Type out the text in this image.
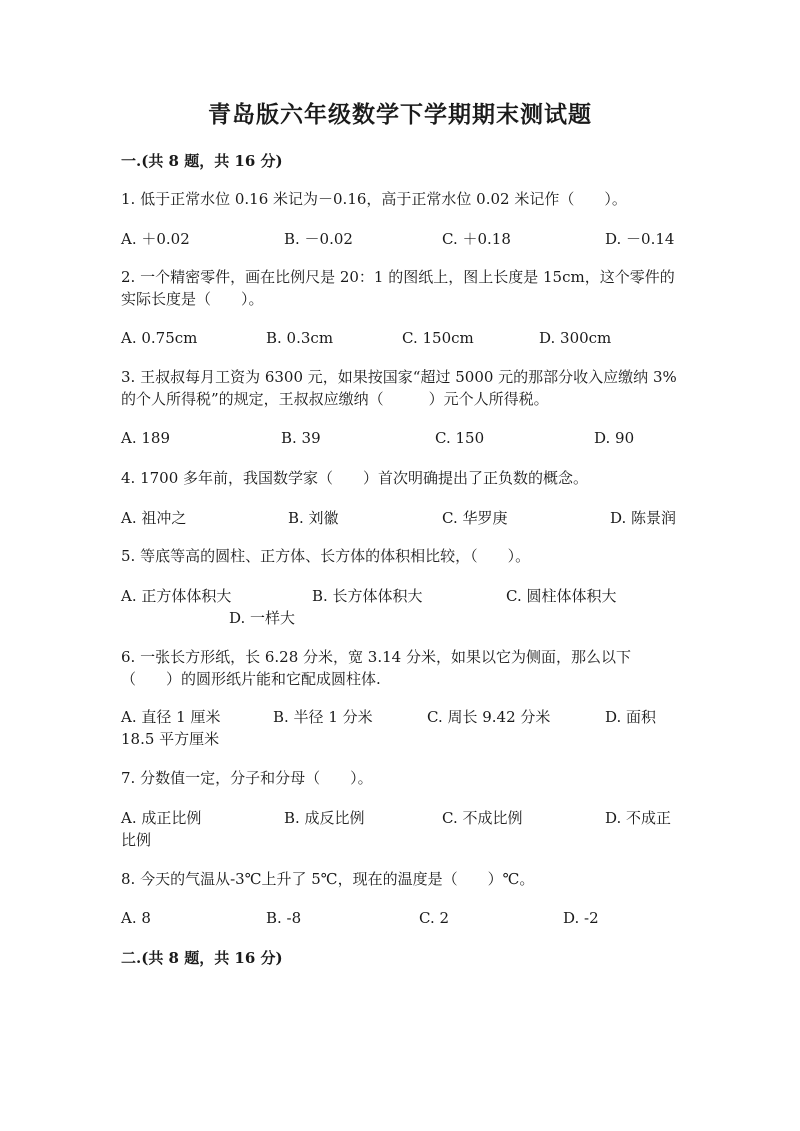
青岛版六年级数学下学期期末测试题
一.(共 8 题，共 16 分)
1. 低于正常水位 0.16 米记为－0.16，高于正常水位 0.02 米记作（　　）。
A. ＋0.02	B. －0.02	C. ＋0.18	D. －0.14
2. 一个精密零件，画在比例尺是 20：1 的图纸上，图上长度是 15cm，这个零件的实际长度是（　　）。
A. 0.75cm	B. 0.3cm	C. 150cm	D. 300cm
3. 王叔叔每月工资为 6300 元，如果按国家“超过 5000 元的那部分收入应缴纳 3%的个人所得税”的规定，王叔叔应缴纳（　　　）元个人所得税。
A. 189	B. 39	C. 150	D. 90
4. 1700 多年前，我国数学家（　　）首次明确提出了正负数的概念。
A. 祖冲之	B. 刘徽	C. 华罗庚	D. 陈景润
5. 等底等高的圆柱、正方体、长方体的体积相比较，（　　）。
A. 正方体体积大	B. 长方体体积大	C. 圆柱体体积大
D. 一样大
6. 一张长方形纸，长 6.28 分米，宽 3.14 分米，如果以它为侧面，那么以下（　　）的圆形纸片能和它配成圆柱体.
A. 直径 1 厘米	B. 半径 1 分米	C. 周长 9.42 分米	D. 面积
18.5 平方厘米
7. 分数值一定，分子和分母（　　）。
A. 成正比例	B. 成反比例	C. 不成比例	D. 不成正
比例
8. 今天的气温从-3℃上升了 5℃，现在的温度是（　　）℃。
A. 8	B. -8	C. 2	D. -2
二.(共 8 题，共 16 分)
